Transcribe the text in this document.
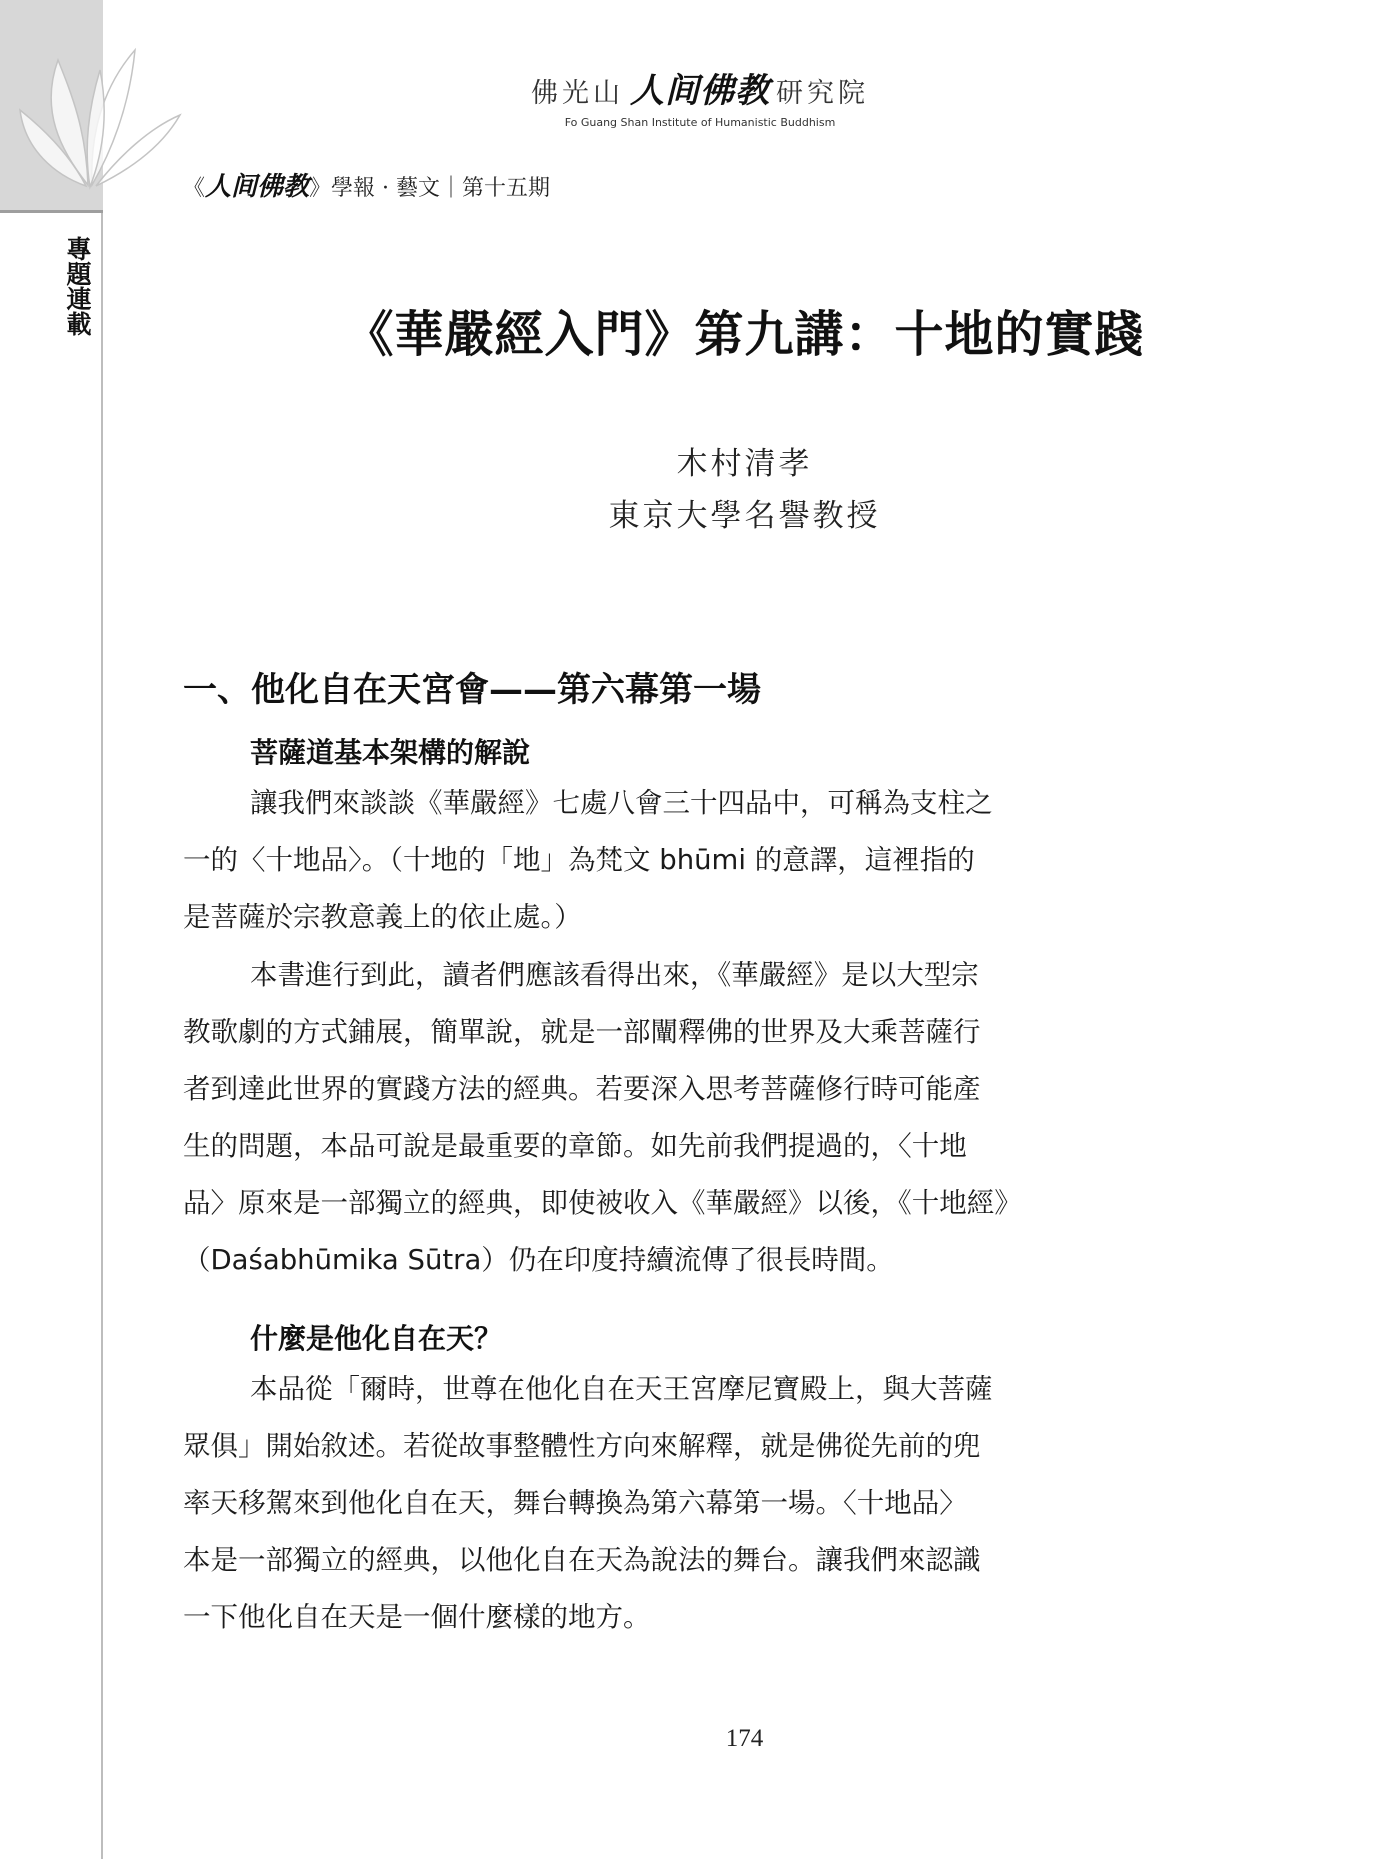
專題連載
佛光山 人间佛教 研究院
Fo Guang Shan Institute of Humanistic Buddhism
《人间佛教》學報 · 藝文｜第十五期
《華嚴經入門》第九講：十地的實踐
木村清孝
東京大學名譽教授
一、他化自在天宮會——第六幕第一場
菩薩道基本架構的解說
讓我們來談談《華嚴經》七處八會三十四品中，可稱為支柱之
一的〈十地品〉。（十地的「地」為梵文 bhūmi 的意譯，這裡指的
是菩薩於宗教意義上的依止處。）
本書進行到此，讀者們應該看得出來，《華嚴經》是以大型宗
教歌劇的方式鋪展，簡單說，就是一部闡釋佛的世界及大乘菩薩行
者到達此世界的實踐方法的經典。若要深入思考菩薩修行時可能產
生的問題，本品可說是最重要的章節。如先前我們提過的，〈十地
品〉原來是一部獨立的經典，即使被收入《華嚴經》以後，《十地經》
（Daśabhūmika Sūtra）仍在印度持續流傳了很長時間。
什麼是他化自在天？
本品從「爾時，世尊在他化自在天王宮摩尼寶殿上，與大菩薩
眾俱」開始敘述。若從故事整體性方向來解釋，就是佛從先前的兜
率天移駕來到他化自在天，舞台轉換為第六幕第一場。〈十地品〉
本是一部獨立的經典，以他化自在天為說法的舞台。讓我們來認識
一下他化自在天是一個什麼樣的地方。
174
